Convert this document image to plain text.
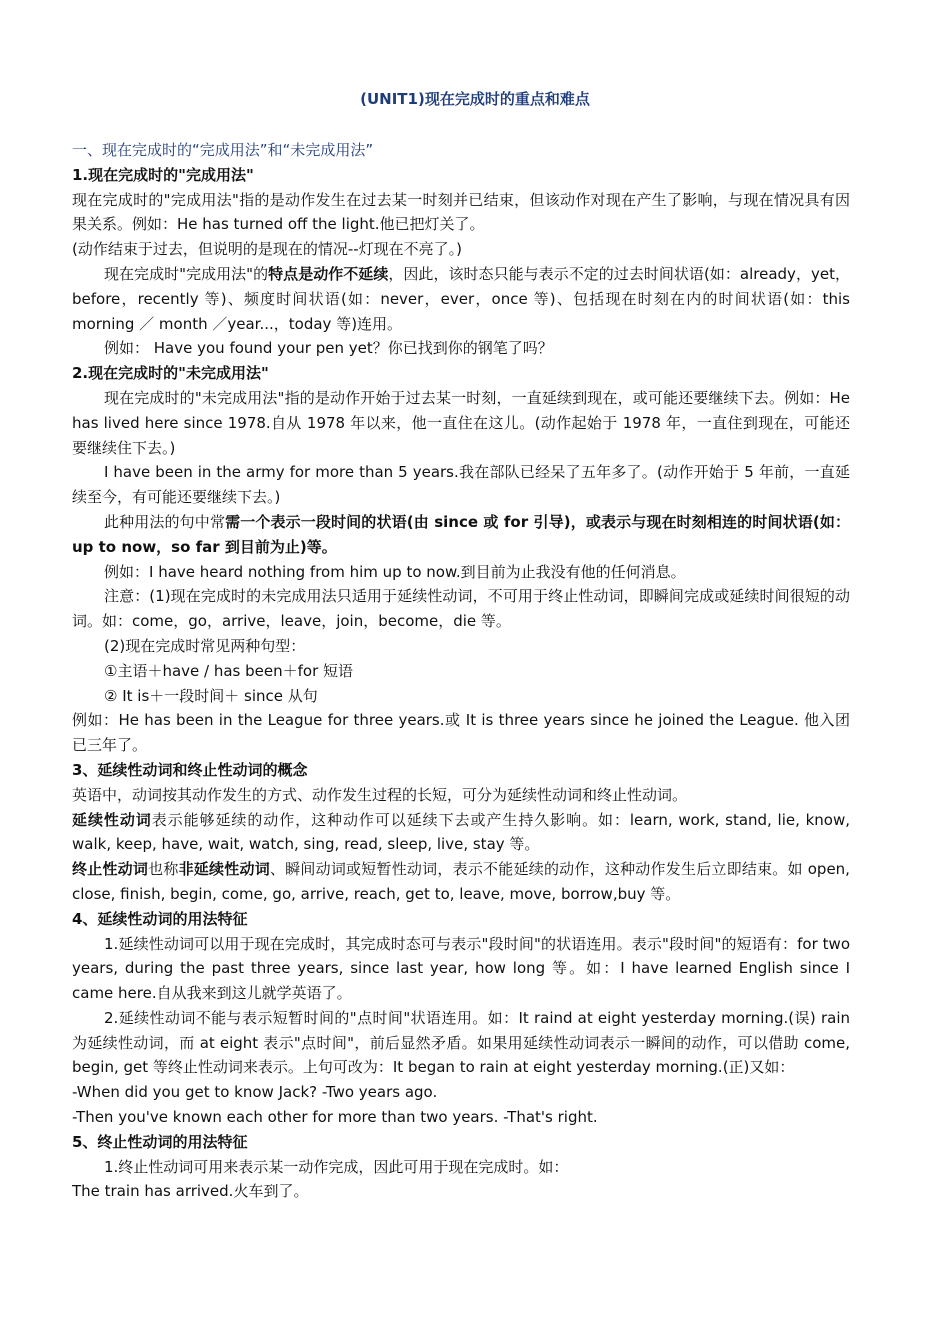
(UNIT1)现在完成时的重点和难点
一、现在完成时的“完成用法”和“未完成用法”

1.现在完成时的"完成用法"

现在完成时的"完成用法"指的是动作发生在过去某一时刻并已结束，但该动作对现在产生了影响，与现在情况具有因果关系。例如：He has turned off the light.他已把灯关了。

(动作结束于过去，但说明的是现在的情况--灯现在不亮了。)

现在完成时"完成用法"的特点是动作不延续，因此，该时态只能与表示不定的过去时间状语(如：already，yet，before，recently 等)、频度时间状语(如：never，ever，once 等)、包括现在时刻在内的时间状语(如：this morning ／ month ／year...，today 等)连用。

例如： Have you found your pen yet？你已找到你的钢笔了吗？

2.现在完成时的"未完成用法"

现在完成时的"未完成用法"指的是动作开始于过去某一时刻，一直延续到现在，或可能还要继续下去。例如：He has lived here since 1978.自从 1978 年以来，他一直住在这儿。(动作起始于 1978 年，一直住到现在，可能还要继续住下去。)

I have been in the army for more than 5 years.我在部队已经呆了五年多了。(动作开始于 5 年前，一直延续至今，有可能还要继续下去。)

此种用法的句中常需一个表示一段时间的状语(由 since 或 for 引导)，或表示与现在时刻相连的时间状语(如：up to now，so far 到目前为止)等。

例如：I have heard nothing from him up to now.到目前为止我没有他的任何消息。

注意：(1)现在完成时的未完成用法只适用于延续性动词，不可用于终止性动词，即瞬间完成或延续时间很短的动词。如：come，go，arrive，leave，join，become，die 等。

(2)现在完成时常见两种句型：

①主语＋have / has been＋for 短语

② It is＋一段时间＋ since 从句

例如：He has been in the League for three years.或 It is three years since he joined the League. 他入团已三年了。

3、延续性动词和终止性动词的概念

英语中，动词按其动作发生的方式、动作发生过程的长短，可分为延续性动词和终止性动词。

延续性动词表示能够延续的动作，这种动作可以延续下去或产生持久影响。如：learn, work, stand, lie, know, walk, keep, have, wait, watch, sing, read, sleep, live, stay 等。

终止性动词也称非延续性动词、瞬间动词或短暂性动词，表示不能延续的动作，这种动作发生后立即结束。如 open, close, finish, begin, come, go, arrive, reach, get to, leave, move, borrow,buy 等。

4、延续性动词的用法特征

1.延续性动词可以用于现在完成时，其完成时态可与表示"段时间"的状语连用。表示"段时间"的短语有：for two years, during the past three years, since last year, how long 等。如：I have learned English since I came here.自从我来到这儿就学英语了。

2.延续性动词不能与表示短暂时间的"点时间"状语连用。如：It raind at eight yesterday morning.(误) rain 为延续性动词，而 at eight 表示"点时间"，前后显然矛盾。如果用延续性动词表示一瞬间的动作，可以借助 come, begin, get 等终止性动词来表示。上句可改为：It began to rain at eight yesterday morning.(正)又如：

-When did you get to know Jack? -Two years ago.

-Then you've known each other for more than two years. -That's right.

5、终止性动词的用法特征

1.终止性动词可用来表示某一动作完成，因此可用于现在完成时。如：

The train has arrived.火车到了。
